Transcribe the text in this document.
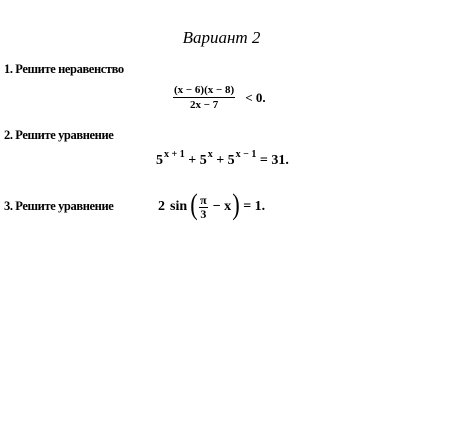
Вариант 2
1. Решите неравенство
$\frac{(x - 6)(x - 8)}{2x - 7} < 0$.
2. Решите уравнение
$5^{x + 1} + 5^x + 5^{x - 1} = 31$.
3. Решите уравнение	2 sin ( $\frac{\pi}{3} - x$ ) = 1.
